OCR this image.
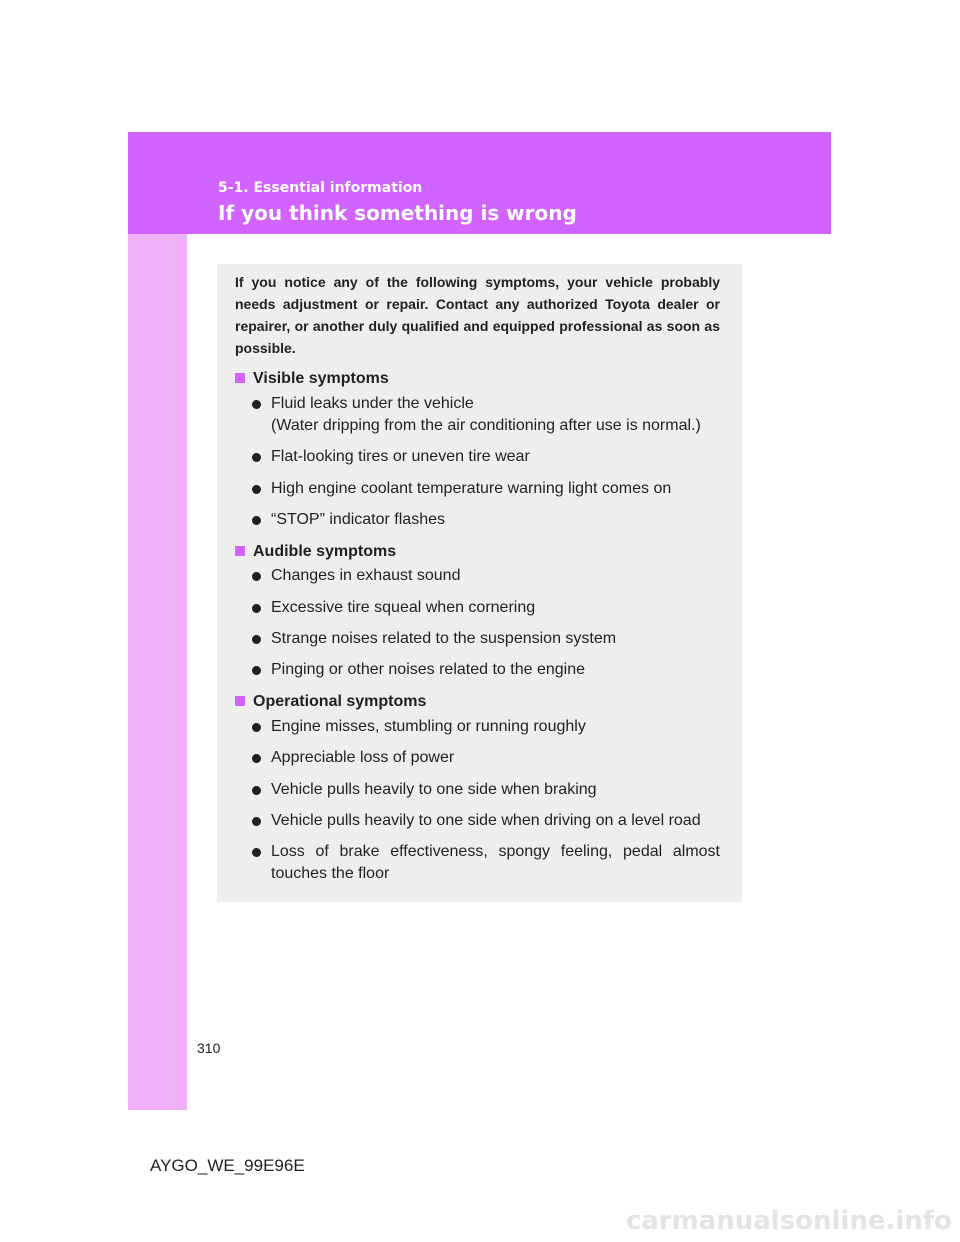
5-1. Essential information
If you think something is wrong

If you notice any of the following symptoms, your vehicle probably needs adjustment or repair. Contact any authorized Toyota dealer or repairer, or another duly qualified and equipped professional as soon as possible.

Visible symptoms
Fluid leaks under the vehicle
(Water dripping from the air conditioning after use is normal.)
Flat-looking tires or uneven tire wear
High engine coolant temperature warning light comes on
“STOP” indicator flashes
Audible symptoms
Changes in exhaust sound
Excessive tire squeal when cornering
Strange noises related to the suspension system
Pinging or other noises related to the engine
Operational symptoms
Engine misses, stumbling or running roughly
Appreciable loss of power
Vehicle pulls heavily to one side when braking
Vehicle pulls heavily to one side when driving on a level road
Loss of brake effectiveness, spongy feeling, pedal almost touches the floor
310
AYGO_WE_99E96E
carmanualsonline.info
